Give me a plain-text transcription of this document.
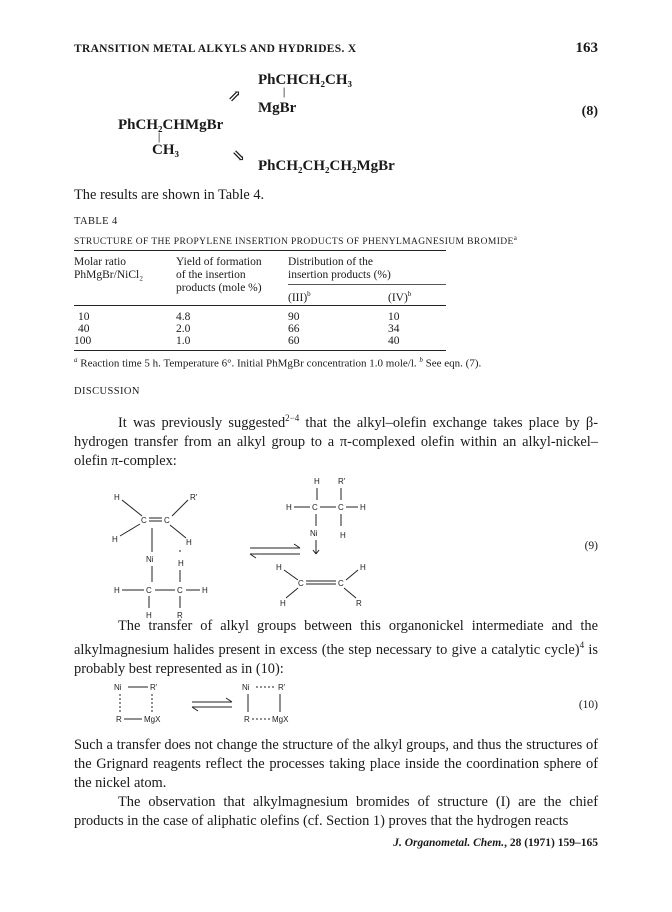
TRANSITION METAL ALKYLS AND HYDRIDES. X	163
PhCHCH₂CH₃
|
MgBr
⇗
PhCH₂CHMgBr
|
CH₃	⇘
PhCH₂CH₂CH₂MgBr
(8)
The results are shown in Table 4.
TABLE 4
STRUCTURE OF THE PROPYLENE INSERTION PRODUCTS OF PHENYLMAGNESIUM BROMIDE$^a$
Molar ratio
PhMgBr/NiCl₂
Yield of formation
of the insertion
products (mole %)
Distribution of the
insertion products (%)
(III)$^b$	(IV)$^b$
10	4.8	90	10
40	2.0	66	34
100	1.0	60	40
$^a$ Reaction time 5 h. Temperature 6°. Initial PhMgBr concentration 1.0 mole/l. $^b$ See eqn. (7).
DISCUSSION
It was previously suggested$^{2-4}$ that the alkyl–olefin exchange takes place by β-hydrogen transfer from an alkyl group to a π-complexed olefin within an alkyl-nickel–olefin π-complex:
H	R'
C C
H	H
Ni	H
H	C	C H
H	R
H R'
H	C	C H
Ni	H
H	H
C	C
H	R
(9)
The transfer of alkyl groups between this organonickel intermediate and the alkylmagnesium halides present in excess (the step necessary to give a catalytic cycle)$^4$ is probably best represented as in (10):
Ni	R'
R	MgX
Ni	R'
R	MgX
(10)
Such a transfer does not change the structure of the alkyl groups, and thus the structures of the Grignard reagents reflect the processes taking place inside the coordination sphere of the nickel atom.
The observation that alkylmagnesium bromides of structure (I) are the chief products in the case of aliphatic olefins (cf. Section 1) proves that the hydrogen reacts
J. Organometal. Chem., 28 (1971) 159–165
